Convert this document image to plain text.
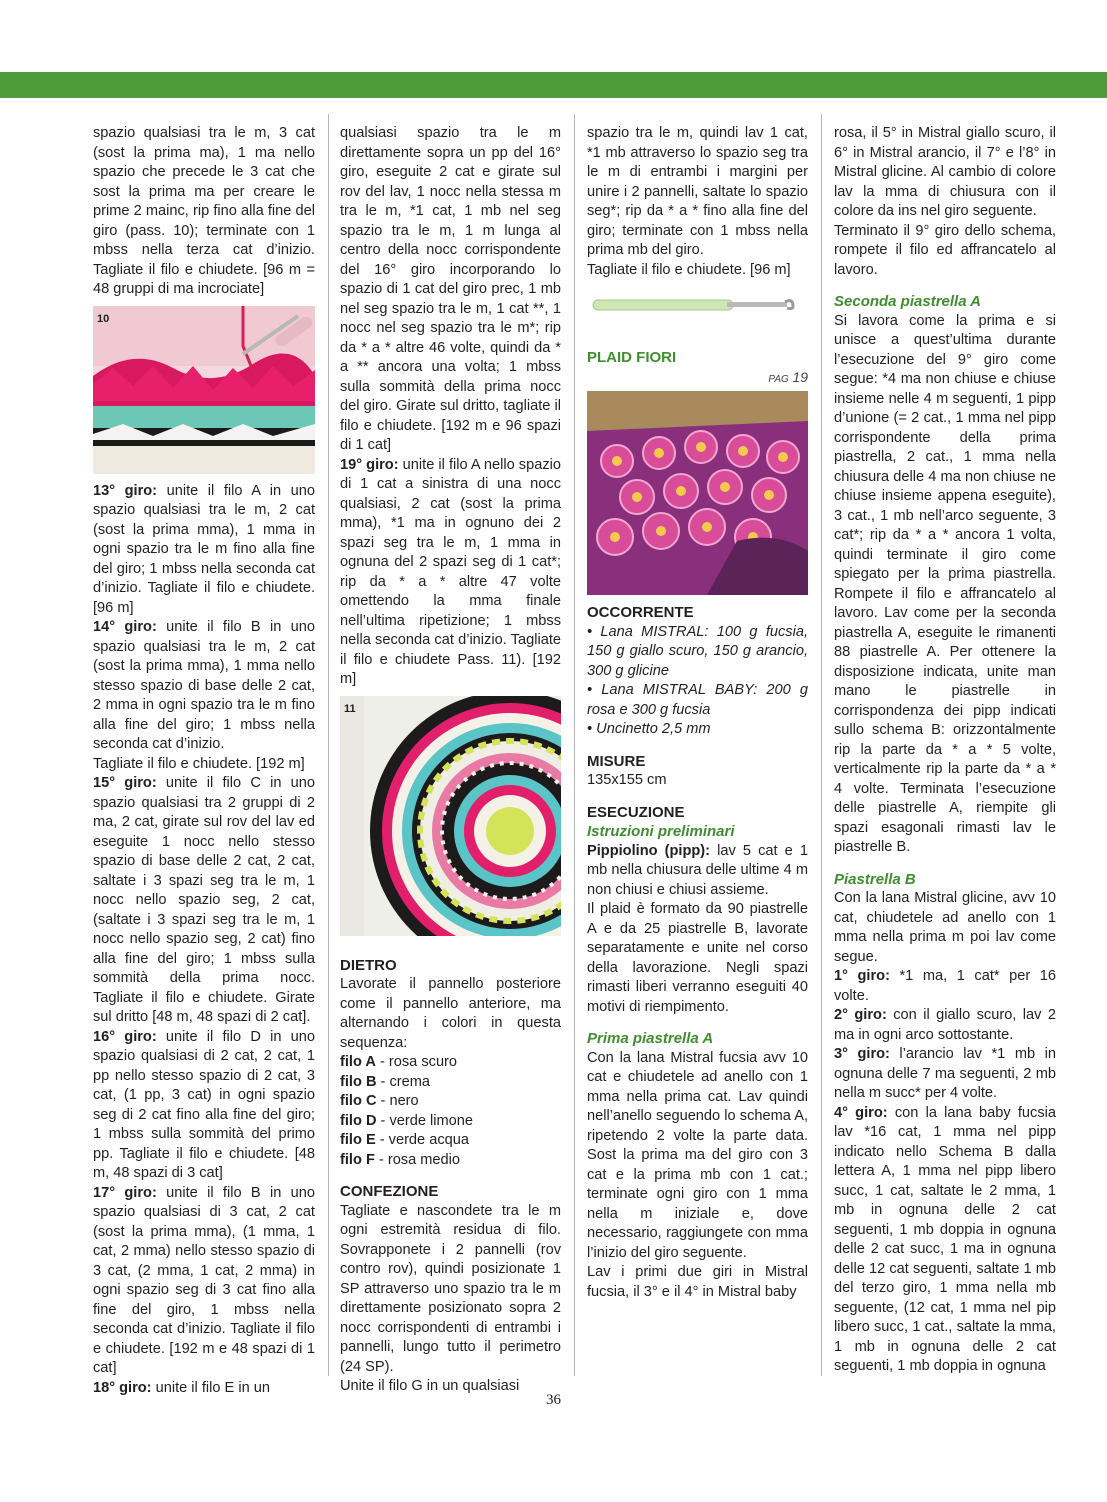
spazio qualsiasi tra le m, 3 cat (sost la prima ma), 1 ma nello spazio che precede le 3 cat che sost la prima ma per creare le prime 2 mainc, rip fino alla fine del giro (pass. 10); terminate con 1 mbss nella terza cat d’inizio. Tagliate il filo e chiudete. [96 m = 48 gruppi di ma incrociate]

10

13° giro: unite il filo A in uno spazio qualsiasi tra le m, 2 cat (sost la prima mma), 1 mma in ogni spazio tra le m fino alla fine del giro; 1 mbss nella seconda cat d’inizio. Tagliate il filo e chiudete. [96 m]

14° giro: unite il filo B in uno spazio qualsiasi tra le m, 2 cat (sost la prima mma), 1 mma nello stesso spazio di base delle 2 cat, 2 mma in ogni spazio tra le m fino alla fine del giro; 1 mbss nella seconda cat d’inizio.

Tagliate il filo e chiudete. [192 m]

15° giro: unite il filo C in uno spazio qualsiasi tra 2 gruppi di 2 ma, 2 cat, girate sul rov del lav ed eseguite 1 nocc nello stesso spazio di base delle 2 cat, 2 cat, saltate i 3 spazi seg tra le m, 1 nocc nello spazio seg, 2 cat, (saltate i 3 spazi seg tra le m, 1 nocc nello spazio seg, 2 cat) fino alla fine del giro; 1 mbss sulla sommità della prima nocc. Tagliate il filo e chiudete. Girate sul dritto [48 m, 48 spazi di 2 cat].

16° giro: unite il filo D in uno spazio qualsiasi di 2 cat, 2 cat, 1 pp nello stesso spazio di 2 cat, 3 cat, (1 pp, 3 cat) in ogni spazio seg di 2 cat fino alla fine del giro; 1 mbss sulla sommità del primo pp. Tagliate il filo e chiudete. [48 m, 48 spazi di 3 cat]

17° giro: unite il filo B in uno spazio qualsiasi di 3 cat, 2 cat (sost la prima mma), (1 mma, 1 cat, 2 mma) nello stesso spazio di 3 cat, (2 mma, 1 cat, 2 mma) in ogni spazio seg di 3 cat fino alla fine del giro, 1 mbss nella seconda cat d’inizio. Tagliate il filo e chiudete. [192 m e 48 spazi di 1 cat]

18° giro: unite il filo E in un

qualsiasi spazio tra le m direttamente sopra un pp del 16° giro, eseguite 2 cat e girate sul rov del lav, 1 nocc nella stessa m tra le m, *1 cat, 1 mb nel seg spazio tra le m, 1 m lunga al centro della nocc corrispondente del 16° giro incorporando lo spazio di 1 cat del giro prec, 1 mb nel seg spazio tra le m, 1 cat **, 1 nocc nel seg spazio tra le m*; rip da * a * altre 46 volte, quindi da * a ** ancora una volta; 1 mbss sulla sommità della prima nocc del giro. Girate sul dritto, tagliate il filo e chiudete. [192 m e 96 spazi di 1 cat]

19° giro: unite il filo A nello spazio di 1 cat a sinistra di una nocc qualsiasi, 2 cat (sost la prima mma), *1 ma in ognuno dei 2 spazi seg tra le m, 1 mma in ognuna del 2 spazi seg di 1 cat*; rip da * a * altre 47 volte omettendo la mma finale nell’ultima ripetizione; 1 mbss nella seconda cat d’inizio. Tagliate il filo e chiudete Pass. 11). [192 m]

11

DIETRO

Lavorate il pannello posteriore come il pannello anteriore, ma alternando i colori in questa sequenza:

filo A - rosa scuro

filo B - crema

filo C - nero

filo D - verde limone

filo E - verde acqua

filo F - rosa medio

CONFEZIONE

Tagliate e nascondete tra le m ogni estremità residua di filo. Sovrapponete i 2 pannelli (rov contro rov), quindi posizionate 1 SP attraverso uno spazio tra le m direttamente posizionato sopra 2 nocc corrispondenti di entrambi i pannelli, lungo tutto il perimetro (24 SP).

Unite il filo G in un qualsiasi

spazio tra le m, quindi lav 1 cat, *1 mb attraverso lo spazio seg tra le m di entrambi i margini per unire i 2 pannelli, saltate lo spazio seg*; rip da * a * fino alla fine del giro; terminate con 1 mbss nella prima mb del giro.

Tagliate il filo e chiudete. [96 m]

PLAID FIORI

PAG 19

OCCORRENTE

• Lana MISTRAL: 100 g fucsia, 150 g giallo scuro, 150 g arancio, 300 g glicine

• Lana MISTRAL BABY: 200 g rosa e 300 g fucsia

• Uncinetto 2,5 mm

MISURE

135x155 cm

ESECUZIONE

Istruzioni preliminari

Pippiolino (pipp): lav 5 cat e 1 mb nella chiusura delle ultime 4 m non chiusi e chiusi assieme.

Il plaid è formato da 90 piastrelle A e da 25 piastrelle B, lavorate separatamente e unite nel corso della lavorazione. Negli spazi rimasti liberi verranno eseguiti 40 motivi di riempimento.

Prima piastrella A

Con la lana Mistral fucsia avv 10 cat e chiudetele ad anello con 1 mma nella prima cat. Lav quindi nell’anello seguendo lo schema A, ripetendo 2 volte la parte data. Sost la prima ma del giro con 3 cat e la prima mb con 1 cat.; terminate ogni giro con 1 mma nella m iniziale e, dove necessario, raggiungete con mma l’inizio del giro seguente.

Lav i primi due giri in Mistral fucsia, il 3° e il 4° in Mistral baby

rosa, il 5° in Mistral giallo scuro, il 6° in Mistral arancio, il 7° e l’8° in Mistral glicine. Al cambio di colore lav la mma di chiusura con il colore da ins nel giro seguente.

Terminato il 9° giro dello schema, rompete il filo ed affrancatelo al lavoro.

Seconda piastrella A

Si lavora come la prima e si unisce a quest’ultima durante l’esecuzione del 9° giro come segue: *4 ma non chiuse e chiuse insieme nelle 4 m seguenti, 1 pipp d’unione (= 2 cat., 1 mma nel pipp corrispondente della prima piastrella, 2 cat., 1 mma nella chiusura delle 4 ma non chiuse ne chiuse insieme appena eseguite), 3 cat., 1 mb nell’arco seguente, 3 cat*; rip da * a * ancora 1 volta, quindi terminate il giro come spiegato per la prima piastrella. Rompete il filo e affrancatelo al lavoro. Lav come per la seconda piastrella A, eseguite le rimanenti 88 piastrelle A. Per ottenere la disposizione indicata, unite man mano le piastrelle in corrispondenza dei pipp indicati sullo schema B: orizzontalmente rip la parte da * a * 5 volte, verticalmente rip la parte da * a * 4 volte. Terminata l’esecuzione delle piastrelle A, riempite gli spazi esagonali rimasti lav le piastrelle B.

Piastrella B

Con la lana Mistral glicine, avv 10 cat, chiudetele ad anello con 1 mma nella prima m poi lav come segue.

1° giro: *1 ma, 1 cat* per 16 volte.

2° giro: con il giallo scuro, lav 2 ma in ogni arco sottostante.

3° giro: l’arancio lav *1 mb in ognuna delle 7 ma seguenti, 2 mb nella m succ* per 4 volte.

4° giro: con la lana baby fucsia lav *16 cat, 1 mma nel pipp indicato nello Schema B dalla lettera A, 1 mma nel pipp libero succ, 1 cat, saltate le 2 mma, 1 mb in ognuna delle 2 cat seguenti, 1 mb doppia in ognuna delle 2 cat succ, 1 ma in ognuna delle 12 cat seguenti, saltate 1 mb del terzo giro, 1 mma nella mb seguente, (12 cat, 1 mma nel pip libero succ, 1 cat., saltate la mma, 1 mb in ognuna delle 2 cat seguenti, 1 mb doppia in ognuna

36
